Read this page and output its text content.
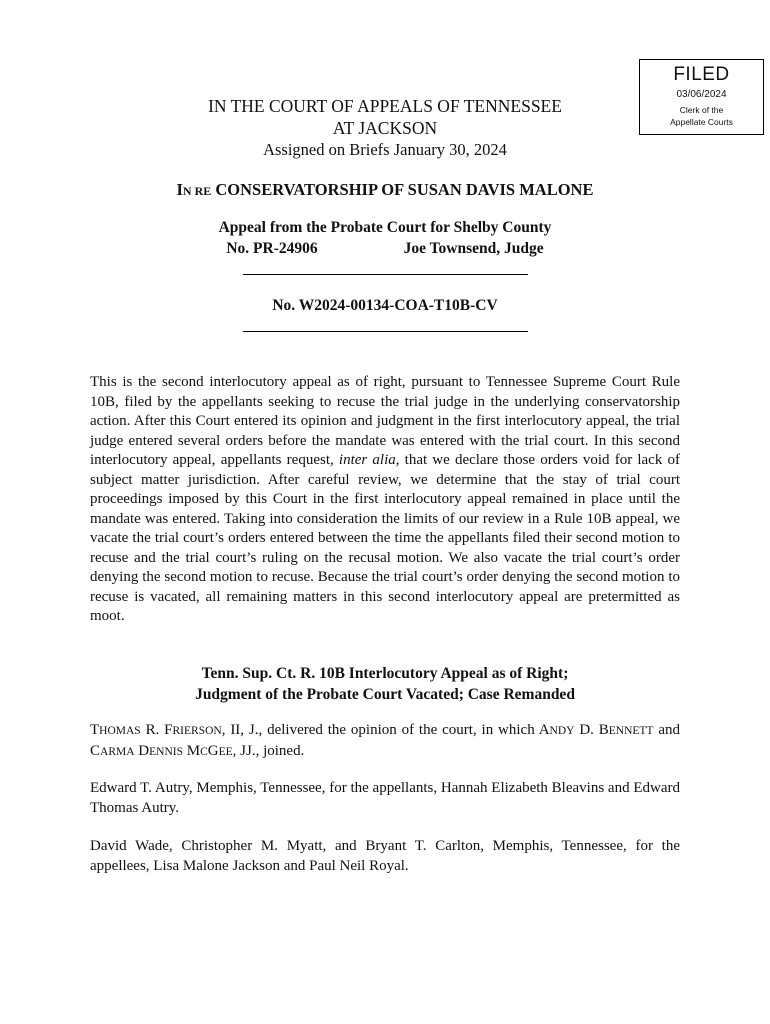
FILED
03/06/2024
Clerk of the
Appellate Courts
IN THE COURT OF APPEALS OF TENNESSEE
AT JACKSON
Assigned on Briefs January 30, 2024
IN RE CONSERVATORSHIP OF SUSAN DAVIS MALONE
Appeal from the Probate Court for Shelby County
No. PR-24906	Joe Townsend, Judge
No. W2024-00134-COA-T10B-CV

This is the second interlocutory appeal as of right, pursuant to Tennessee Supreme Court Rule 10B, filed by the appellants seeking to recuse the trial judge in the underlying conservatorship action. After this Court entered its opinion and judgment in the first interlocutory appeal, the trial judge entered several orders before the mandate was entered with the trial court. In this second interlocutory appeal, appellants request, inter alia, that we declare those orders void for lack of subject matter jurisdiction. After careful review, we determine that the stay of trial court proceedings imposed by this Court in the first interlocutory appeal remained in place until the mandate was entered. Taking into consideration the limits of our review in a Rule 10B appeal, we vacate the trial court’s orders entered between the time the appellants filed their second motion to recuse and the trial court’s ruling on the recusal motion. We also vacate the trial court’s order denying the second motion to recuse. Because the trial court’s order denying the second motion to recuse is vacated, all remaining matters in this second interlocutory appeal are pretermitted as moot.

Tenn. Sup. Ct. R. 10B Interlocutory Appeal as of Right;
Judgment of the Probate Court Vacated; Case Remanded

THOMAS R. FRIERSON, II, J., delivered the opinion of the court, in which ANDY D. BENNETT and CARMA DENNIS MCGEE, JJ., joined.

Edward T. Autry, Memphis, Tennessee, for the appellants, Hannah Elizabeth Bleavins and Edward Thomas Autry.

David Wade, Christopher M. Myatt, and Bryant T. Carlton, Memphis, Tennessee, for the appellees, Lisa Malone Jackson and Paul Neil Royal.
